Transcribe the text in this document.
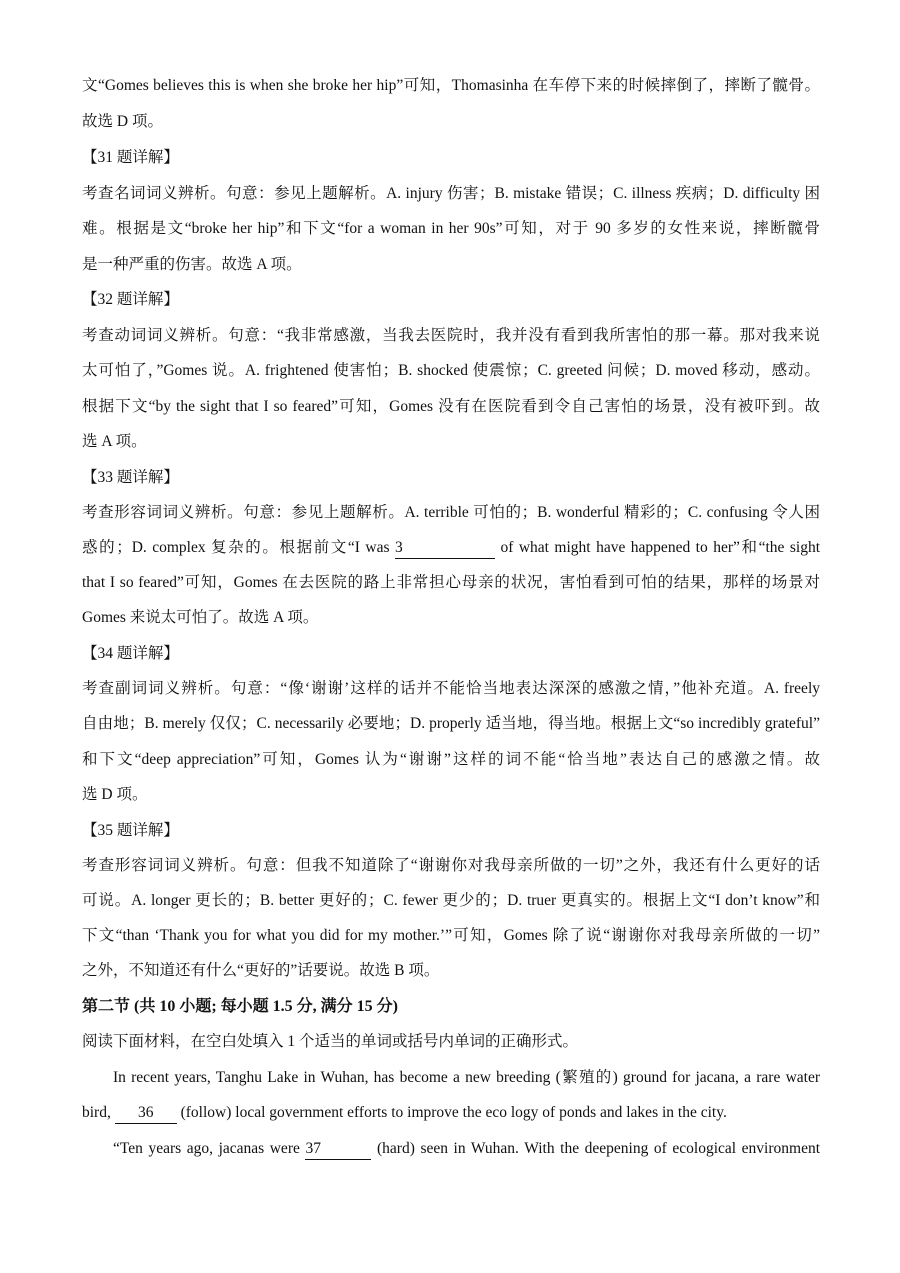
文“Gomes believes this is when she broke her hip”可知，Thomasinha 在车停下来的时候摔倒了，摔断了髋骨。
故选 D 项。
【31 题详解】
考查名词词义辨析。句意：参见上题解析。A. injury 伤害；B. mistake 错误；C. illness 疾病；D. difficulty 困
难。根据是文“broke her hip”和下文“for a woman in her 90s”可知，对于 90 多岁的女性来说，摔断髋骨
是一种严重的伤害。故选 A 项。
【32 题详解】
考查动词词义辨析。句意：“我非常感激，当我去医院时，我并没有看到我所害怕的那一幕。那对我来说
太可怕了，”Gomes 说。A. frightened 使害怕；B. shocked 使震惊；C. greeted 问候；D. moved 移动，感动。
根据下文“by the sight that I so feared”可知，Gomes 没有在医院看到令自己害怕的场景，没有被吓到。故
选 A 项。
【33 题详解】
考查形容词词义辨析。句意：参见上题解析。A. terrible 可怕的；B. wonderful 精彩的；C. confusing 令人困
惑的；D. complex 复杂的。根据前文“I was 3	of what might have happened to her”和“the sight
that I so feared”可知，Gomes 在去医院的路上非常担心母亲的状况，害怕看到可怕的结果，那样的场景对
Gomes 来说太可怕了。故选 A 项。
【34 题详解】
考查副词词义辨析。句意：“像‘谢谢’这样的话并不能恰当地表达深深的感激之情，”他补充道。A. freely
自由地；B. merely 仅仅；C. necessarily 必要地；D. properly 适当地，得当地。根据上文“so incredibly grateful”
和下文“deep appreciation”可知，Gomes 认为“谢谢”这样的词不能“恰当地”表达自己的感激之情。故
选 D 项。
【35 题详解】
考查形容词词义辨析。句意：但我不知道除了“谢谢你对我母亲所做的一切”之外，我还有什么更好的话
可说。A. longer 更长的；B. better 更好的；C. fewer 更少的；D. truer 更真实的。根据上文“I don’t know”和
下文“than ‘Thank you for what you did for my mother.’”可知，Gomes 除了说“谢谢你对我母亲所做的一切”
之外，不知道还有什么“更好的”话要说。故选 B 项。
第二节 (共 10 小题; 每小题 1.5 分, 满分 15 分)
阅读下面材料，在空白处填入 1 个适当的单词或括号内单词的正确形式。
In recent years, Tanghu Lake in Wuhan, has become a new breeding (繁殖的) ground for jacana, a rare water
bird, 36 (follow) local government efforts to improve the eco logy of ponds and lakes in the city.
“Ten years ago, jacanas were 37	(hard) seen in Wuhan. With the deepening of ecological environment
